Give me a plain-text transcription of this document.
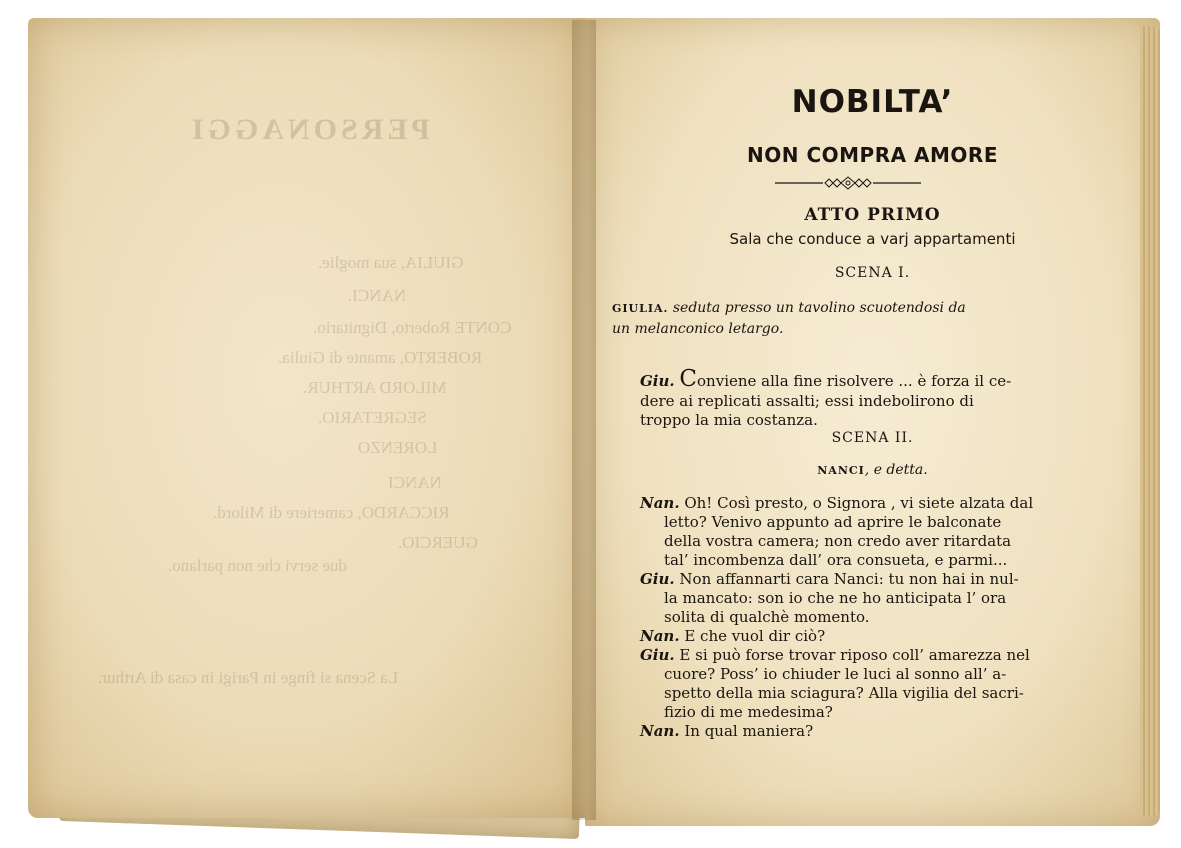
PERSONAGGI
GIULIA, sua moglie.
NANCI.
CONTE Roberto, Dignitario.
ROBERTO, amante di Giulia.
MILORD ARTHUR.
SEGRETARIO.
LORENZO
NANCI
RICCARDO, cameriere di Milord.
GUERCIO.
due servi che non parlano.
La Scena si finge in Parigi in casa di Arthur.
NOBILTA’
NON COMPRA AMORE
ATTO PRIMO
Sala che conduce a varj appartamenti
SCENA I.
GIULIA. seduta presso un tavolino scuotendosi da
un melanconico letargo.
Giu. Conviene alla fine risolvere ... è forza il ce-
dere ai replicati assalti; essi indebolirono di
troppo la mia costanza.
SCENA II.
NANCI, e detta.
Nan. Oh! Così presto, o Signora , vi siete alzata dal
letto? Venivo appunto ad aprire le balconate
della vostra camera; non credo aver ritardata
tal’ incombenza dall’ ora consueta, e parmi...
Giu. Non affannarti cara Nanci: tu non hai in nul-
la mancato: son io che ne ho anticipata l’ ora
solita di qualchè momento.
Nan. E che vuol dir ciò?
Giu. E si può forse trovar riposo coll’ amarezza nel
cuore? Poss’ io chiuder le luci al sonno all’ a-
spetto della mia sciagura? Alla vigilia del sacri-
fizio di me medesima?
Nan. In qual maniera?
